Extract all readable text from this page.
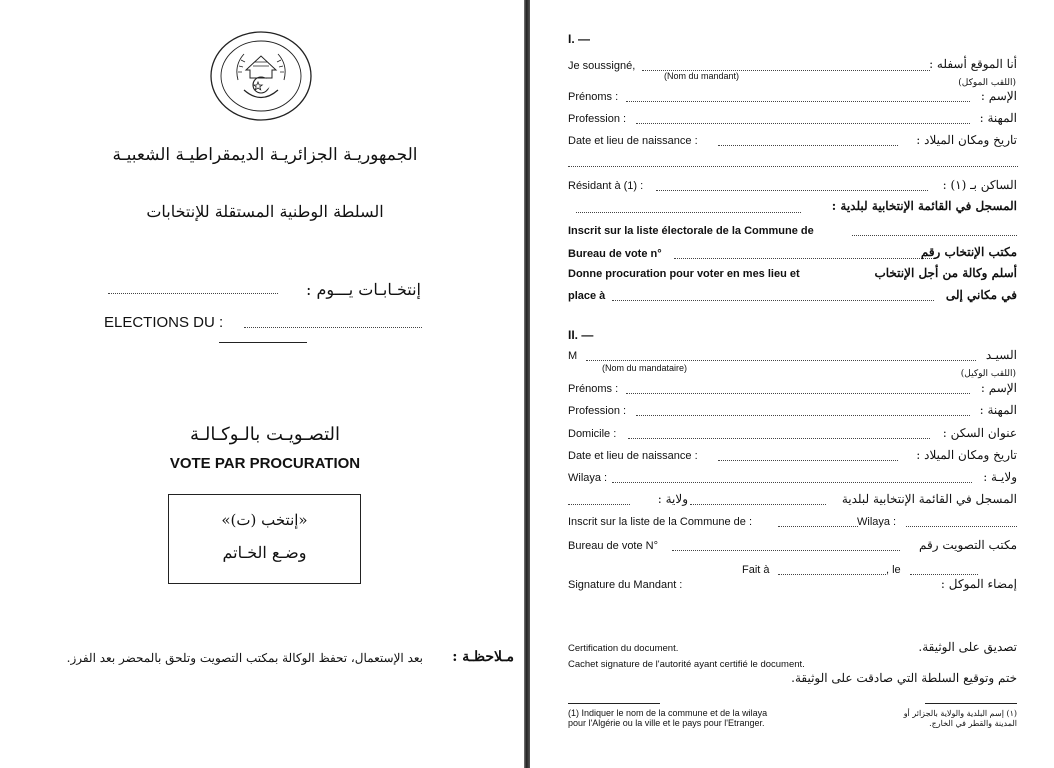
الجمهوريـة الجزائريـة الديمقراطيـة الشعبيـة
السلطة الوطنية المستقلة للإنتخابات
إنتخـابـات يـــوم :
ELECTIONS DU :
التصـويـت بالـوكـالـة
VOTE PAR PROCURATION
«إنتخب (ت)»
وضـع الخـاتم
مـلاحظـة :
بعد الإستعمال، تحفظ الوكالة بمكتب التصويت وتلحق بالمحضر بعد الفرز.
I. —
Je soussigné,	أنا الموقع أسفله :
(Nom du mandant)
(اللقب الموكل)
Prénoms :	الإسم :
Profession :	المهنة :
Date et lieu de naissance :	تاريخ ومكان الميلاد :
Résidant à (1) :	الساكن بـ (١) :
المسجل في القائمة الإنتخابية لبلدية :
Inscrit sur la liste électorale de la Commune de
Bureau de vote n°	مكتب الإنتخاب رقم
Donne procuration pour voter en mes lieu et	أسلم وكالة من أجل الإنتخاب
place à	في مكاني إلى
II. —
M	السيـد
(Nom du mandataire)
(اللقب الوكيل)
Prénoms :	الإسم :
Profession :	المهنة :
Domicile :	عنوان السكن :
Date et lieu de naissance :	تاريخ ومكان الميلاد :
Wilaya :	ولايـة :
ولاية :	المسجل في القائمة الإنتخابية لبلدية
Inscrit sur la liste de la Commune de :	Wilaya :
Bureau de vote N°	مكتب التصويت رقم
Fait à	, le
Signature du Mandant :	إمضاء الموكل :
Certification du document.	تصديق على الوثيقة.
Cachet signature de l'autorité ayant certifié le document.
ختم وتوقيع السلطة التي صادقت على الوثيقة.
(1) Indiquer le nom de la commune et de la wilaya pour l'Algérie ou la ville et le pays pour l'Etranger.
(١) إسم البلدية والولاية بالجزائر أو المدينة والقطر في الخارج.
